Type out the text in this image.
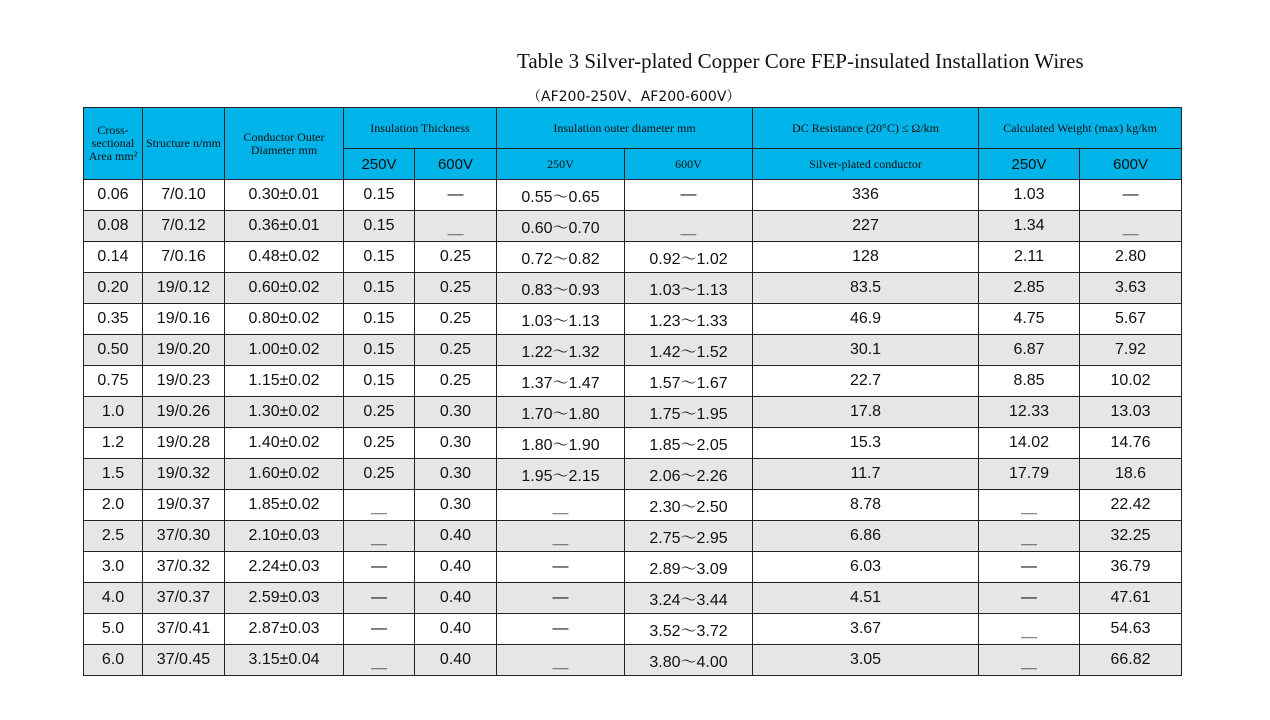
Table 3 Silver-plated Copper Core FEP-insulated Installation Wires
（AF200-250V、AF200-600V）
Cross-sectional Area mm²	Structure n/mm	Conductor Outer Diameter mm	Insulation Thickness		Insulation outer diameter mm		DC Resistance (20°C) ≤ Ω/km	Calculated Weight (max) kg/km	
			250V	600V	250V	600V	Silver-plated conductor	250V	600V
0.06	7/0.10	0.30±0.01	0.15	—	0.55～0.65	—	336	1.03	—
0.08	7/0.12	0.36±0.01	0.15	＿	0.60～0.70	＿	227	1.34	＿
0.14	7/0.16	0.48±0.02	0.15	0.25	0.72～0.82	0.92～1.02	128	2.11	2.80
0.20	19/0.12	0.60±0.02	0.15	0.25	0.83～0.93	1.03～1.13	83.5	2.85	3.63
0.35	19/0.16	0.80±0.02	0.15	0.25	1.03～1.13	1.23～1.33	46.9	4.75	5.67
0.50	19/0.20	1.00±0.02	0.15	0.25	1.22～1.32	1.42～1.52	30.1	6.87	7.92
0.75	19/0.23	1.15±0.02	0.15	0.25	1.37～1.47	1.57～1.67	22.7	8.85	10.02
1.0	19/0.26	1.30±0.02	0.25	0.30	1.70～1.80	1.75～1.95	17.8	12.33	13.03
1.2	19/0.28	1.40±0.02	0.25	0.30	1.80～1.90	1.85～2.05	15.3	14.02	14.76
1.5	19/0.32	1.60±0.02	0.25	0.30	1.95～2.15	2.06～2.26	11.7	17.79	18.6
2.0	19/0.37	1.85±0.02	＿	0.30	＿	2.30～2.50	8.78	＿	22.42
2.5	37/0.30	2.10±0.03	＿	0.40	＿	2.75～2.95	6.86	＿	32.25
3.0	37/0.32	2.24±0.03	—	0.40	—	2.89～3.09	6.03	—	36.79
4.0	37/0.37	2.59±0.03	—	0.40	—	3.24～3.44	4.51	—	47.61
5.0	37/0.41	2.87±0.03	—	0.40	—	3.52～3.72	3.67	＿	54.63
6.0	37/0.45	3.15±0.04	＿	0.40	＿	3.80～4.00	3.05	＿	66.82
